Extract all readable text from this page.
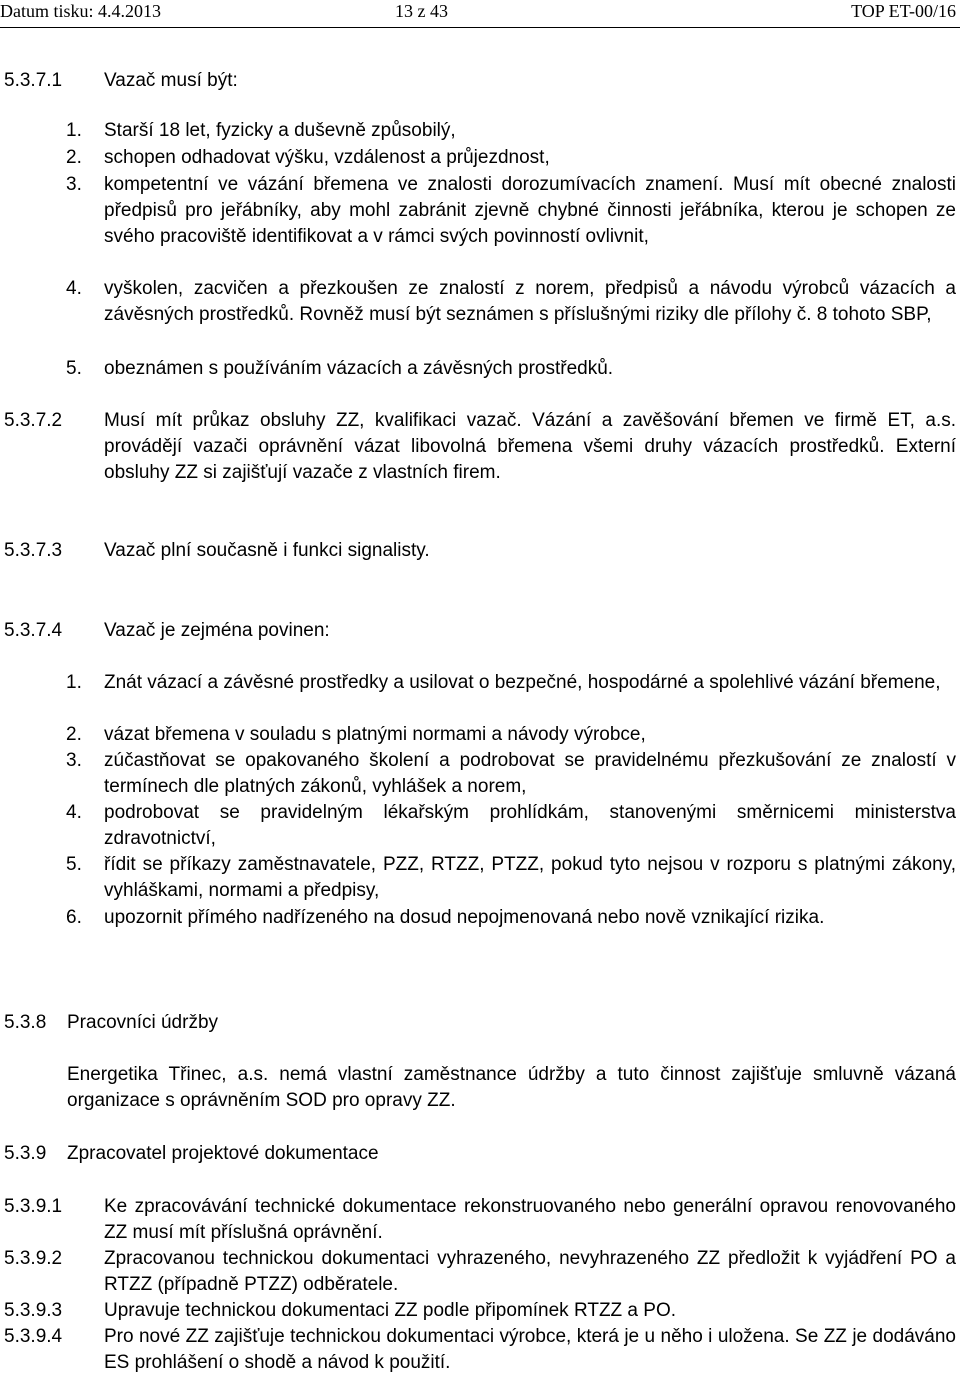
Datum tisku: 4.4.2013	13 z 43	TOP ET-00/16
5.3.7.1 Vazač musí být:
1. Starší 18 let, fyzicky a duševně způsobilý,
2. schopen odhadovat výšku, vzdálenost a průjezdnost,
3. kompetentní ve vázání břemena ve znalosti dorozumívacích znamení. Musí mít obecné znalosti předpisů pro jeřábníky, aby mohl zabránit zjevně chybné činnosti jeřábníka, kterou je schopen ze svého pracoviště identifikovat a v rámci svých povinností ovlivnit,
4. vyškolen, zacvičen a přezkoušen ze znalostí z norem, předpisů a návodu výrobců vázacích a závěsných prostředků. Rovněž musí být seznámen s příslušnými riziky dle přílohy č. 8 tohoto SBP,
5. obeznámen s používáním vázacích a závěsných prostředků.
5.3.7.2 Musí mít průkaz obsluhy ZZ, kvalifikaci vazač. Vázání a zavěšování břemen ve firmě ET, a.s. provádějí vazači oprávnění vázat libovolná břemena všemi druhy vázacích prostředků. Externí obsluhy ZZ si zajišťují vazače z vlastních firem.
5.3.7.3 Vazač plní současně i funkci signalisty.
5.3.7.4 Vazač je zejména povinen:
1. Znát vázací a závěsné prostředky a usilovat o bezpečné, hospodárné a spolehlivé vázání břemene,
2. vázat břemena v souladu s platnými normami a návody výrobce,
3. zúčastňovat se opakovaného školení a podrobovat se pravidelnému přezkušování ze znalostí v termínech dle platných zákonů, vyhlášek a norem,
4. podrobovat se pravidelným lékařským prohlídkám, stanovenými směrnicemi ministerstva zdravotnictví,
5. řídit se příkazy zaměstnavatele, PZZ, RTZZ, PTZZ, pokud tyto nejsou v rozporu s platnými zákony, vyhláškami, normami a předpisy,
6. upozornit přímého nadřízeného na dosud nepojmenovaná nebo nově vznikající rizika.
5.3.8 Pracovníci údržby
Energetika Třinec, a.s. nemá vlastní zaměstnance údržby a tuto činnost zajišťuje smluvně vázaná organizace s oprávněním SOD pro opravy ZZ.
5.3.9 Zpracovatel projektové dokumentace
5.3.9.1 Ke zpracovávání technické dokumentace rekonstruovaného nebo generální opravou renovovaného ZZ musí mít příslušná oprávnění.
5.3.9.2 Zpracovanou technickou dokumentaci vyhrazeného, nevyhrazeného ZZ předložit k vyjádření PO a RTZZ (případně PTZZ) odběratele.
5.3.9.3 Upravuje technickou dokumentaci ZZ podle připomínek RTZZ a PO.
5.3.9.4 Pro nové ZZ zajišťuje technickou dokumentaci výrobce, která je u něho i uložena. Se ZZ je dodáváno ES prohlášení o shodě a návod k použití.
